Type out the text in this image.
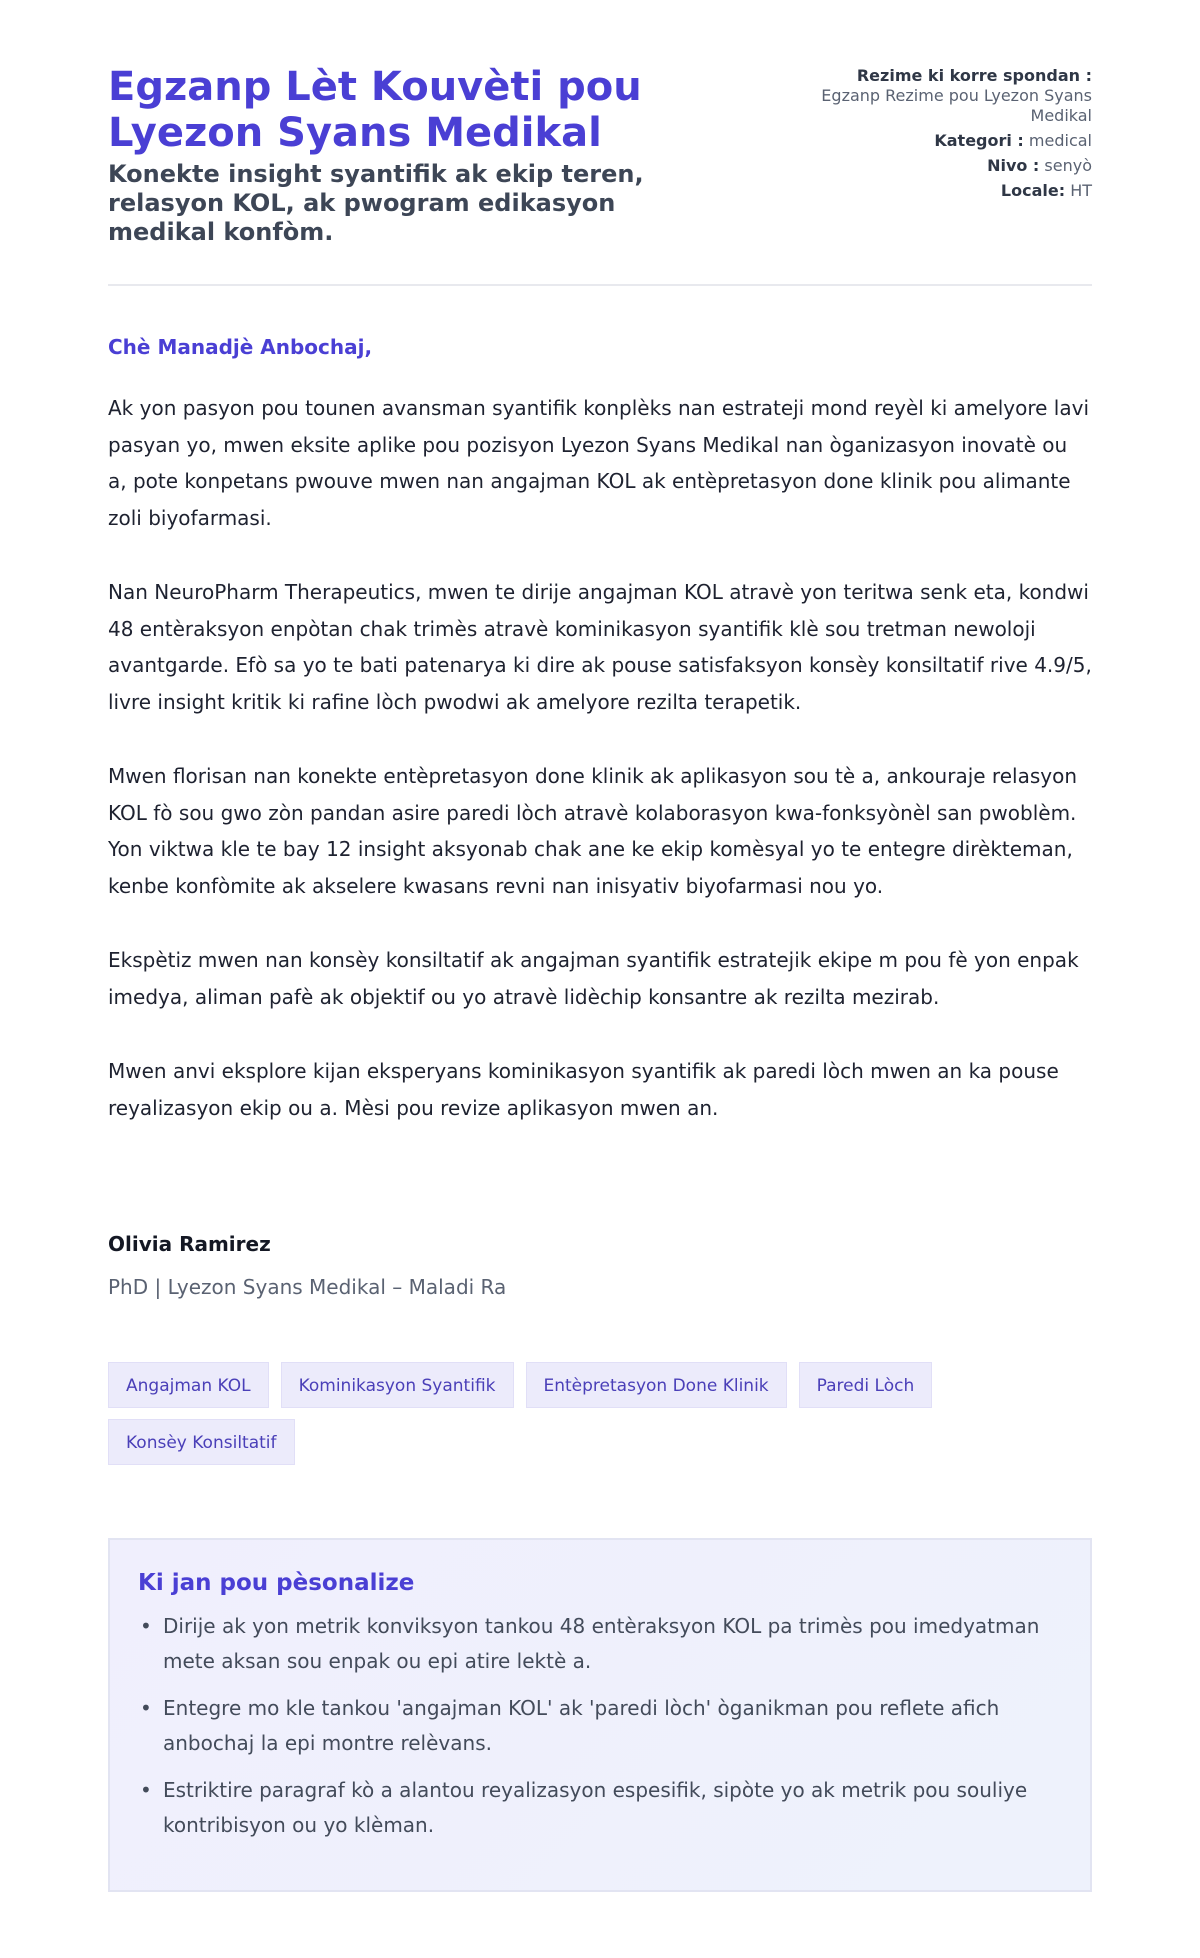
Egzanp Lèt Kouvèti pou Lyezon Syans Medikal
Konekte insight syantifik ak ekip teren, relasyon KOL, ak pwogram edikasyon medikal konfòm.
Rezime ki korre spondan :
Egzanp Rezime pou Lyezon Syans Medikal
Kategori : medical
Nivo : senyò
Locale: HT
Chè Manadjè Anbochaj,

Ak yon pasyon pou tounen avansman syantifik konplèks nan estrateji mond reyèl ki amelyore lavi pasyan yo, mwen eksite aplike pou pozisyon Lyezon Syans Medikal nan òganizasyon inovatè ou a, pote konpetans pwouve mwen nan angajman KOL ak entèpretasyon done klinik pou alimante zoli biyofarmasi.

Nan NeuroPharm Therapeutics, mwen te dirije angajman KOL atravè yon teritwa senk eta, kondwi 48 entèraksyon enpòtan chak trimès atravè kominikasyon syantifik klè sou tretman newoloji avantgarde. Efò sa yo te bati patenarya ki dire ak pouse satisfaksyon konsèy konsiltatif rive 4.9/5, livre insight kritik ki rafine lòch pwodwi ak amelyore rezilta terapetik.

Mwen florisan nan konekte entèpretasyon done klinik ak aplikasyon sou tè a, ankouraje relasyon KOL fò sou gwo zòn pandan asire paredi lòch atravè kolaborasyon kwa-fonksyònèl san pwoblèm. Yon viktwa kle te bay 12 insight aksyonab chak ane ke ekip komèsyal yo te entegre dirèkteman, kenbe konfòmite ak akselere kwasans revni nan inisyativ biyofarmasi nou yo.

Ekspètiz mwen nan konsèy konsiltatif ak angajman syantifik estratejik ekipe m pou fè yon enpak imedya, aliman pafè ak objektif ou yo atravè lidèchip konsantre ak rezilta mezirab.

Mwen anvi eksplore kijan eksperyans kominikasyon syantifik ak paredi lòch mwen an ka pouse reyalizasyon ekip ou a. Mèsi pou revize aplikasyon mwen an.

Olivia Ramirez
PhD | Lyezon Syans Medikal – Maladi Ra
Angajman KOL	Kominikasyon Syantifik	Entèpretasyon Done Klinik	Paredi Lòch
Konsèy Konsiltatif
Ki jan pou pèsonalize
• Dirije ak yon metrik konviksyon tankou 48 entèraksyon KOL pa trimès pou imedyatman mete aksan sou enpak ou epi atire lektè a.
• Entegre mo kle tankou 'angajman KOL' ak 'paredi lòch' òganikman pou reflete afich anbochaj la epi montre relèvans.
• Estriktire paragraf kò a alantou reyalizasyon espesifik, sipòte yo ak metrik pou souliye kontribisyon ou yo klèman.
